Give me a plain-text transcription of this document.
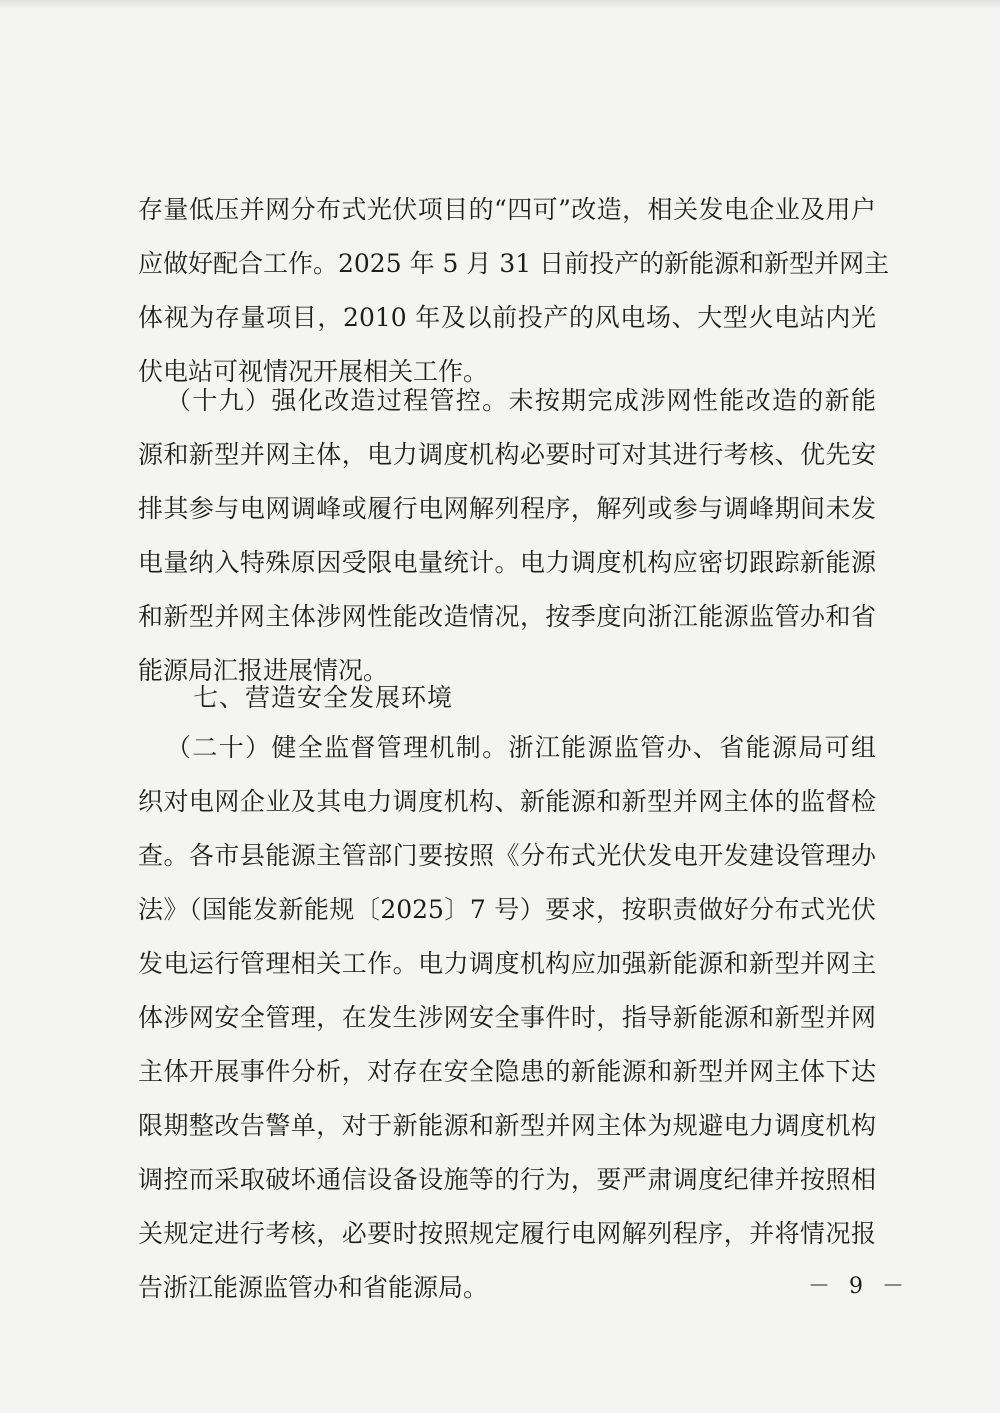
存量低压并网分布式光伏项目的“四可”改造，相关发电企业及用户
应做好配合工作。2025 年 5 月 31 日前投产的新能源和新型并网主
体视为存量项目，2010 年及以前投产的风电场、大型火电站内光
伏电站可视情况开展相关工作。
（十九）强化改造过程管控。未按期完成涉网性能改造的新能
源和新型并网主体，电力调度机构必要时可对其进行考核、优先安
排其参与电网调峰或履行电网解列程序，解列或参与调峰期间未发
电量纳入特殊原因受限电量统计。电力调度机构应密切跟踪新能源
和新型并网主体涉网性能改造情况，按季度向浙江能源监管办和省
能源局汇报进展情况。
七、营造安全发展环境
（二十）健全监督管理机制。浙江能源监管办、省能源局可组
织对电网企业及其电力调度机构、新能源和新型并网主体的监督检
查。各市县能源主管部门要按照《分布式光伏发电开发建设管理办
法》（国能发新能规〔2025〕7 号）要求，按职责做好分布式光伏
发电运行管理相关工作。电力调度机构应加强新能源和新型并网主
体涉网安全管理，在发生涉网安全事件时，指导新能源和新型并网
主体开展事件分析，对存在安全隐患的新能源和新型并网主体下达
限期整改告警单，对于新能源和新型并网主体为规避电力调度机构
调控而采取破坏通信设备设施等的行为，要严肃调度纪律并按照相
关规定进行考核，必要时按照规定履行电网解列程序，并将情况报
告浙江能源监管办和省能源局。	－ 9 －
